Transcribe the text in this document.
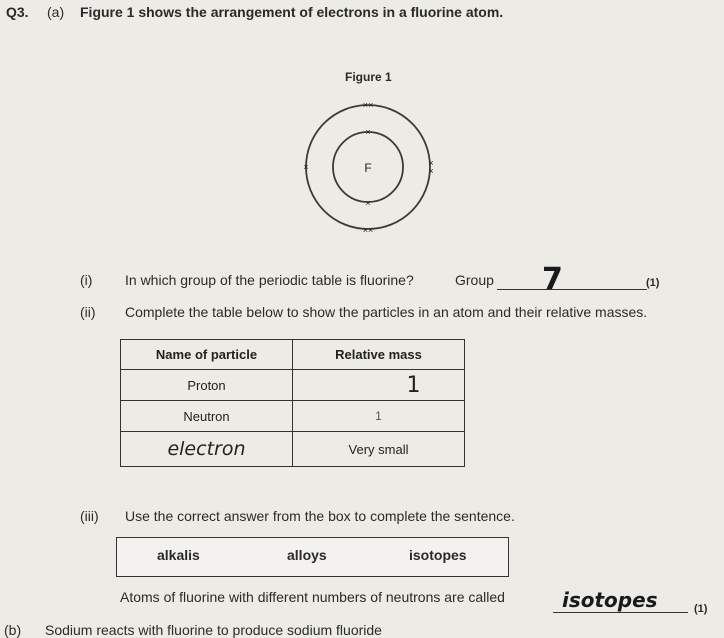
Q3. (a) Figure 1 shows the arrangement of electrons in a fluorine atom.
Figure 1
F
×
×
××
××
×	×
×
(i) In which group of the periodic table is fluorine?	Group 7	(1)
(ii) Complete the table below to show the particles in an atom and their relative masses.
Name of particle	Relative mass
Proton	1
Neutron	1
electron	Very small
(iii) Use the correct answer from the box to complete the sentence.
alkalis	alloys	isotopes
Atoms of fluorine with different numbers of neutrons are called	isotopes	(1)
(b) Sodium reacts with fluorine to produce sodium fluoride
